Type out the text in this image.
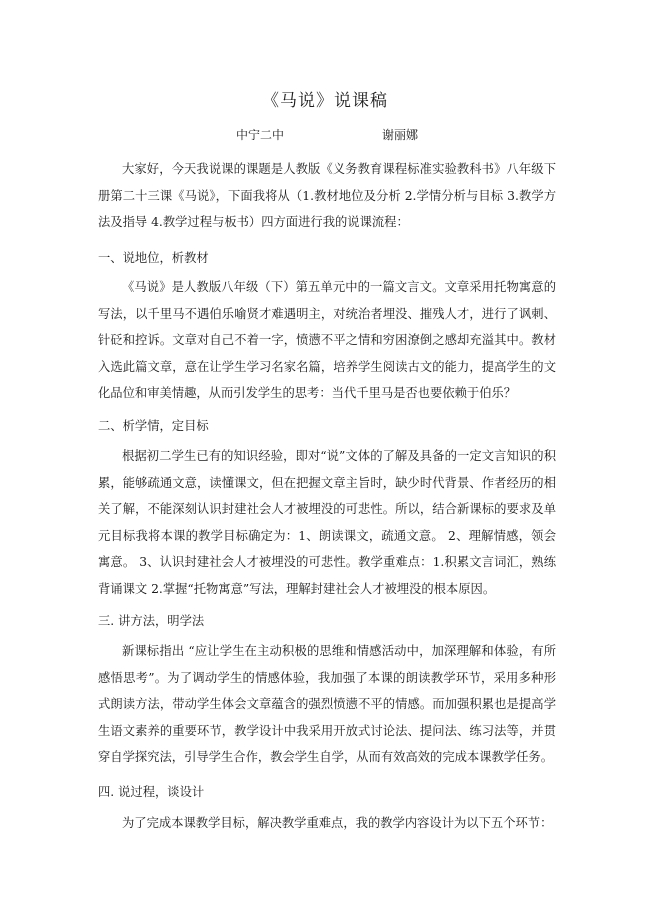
《马说》说课稿
中宁二中	谢丽娜

大家好，今天我说课的课题是人教版《义务教育课程标准实验教科书》八年级下册第二十三课《马说》，下面我将从（1.教材地位及分析 2.学情分析与目标 3.教学方法及指导 4.教学过程与板书）四方面进行我的说课流程：

一、说地位，析教材

《马说》是人教版八年级（下）第五单元中的一篇文言文。文章采用托物寓意的写法，以千里马不遇伯乐喻贤才难遇明主，对统治者埋没、摧残人才，进行了讽刺、针砭和控诉。文章对自己不着一字，愤懑不平之情和穷困潦倒之感却充溢其中。教材入选此篇文章，意在让学生学习名家名篇，培养学生阅读古文的能力，提高学生的文化品位和审美情趣，从而引发学生的思考：当代千里马是否也要依赖于伯乐？

二、析学情，定目标

根据初二学生已有的知识经验，即对“说”文体的了解及具备的一定文言知识的积累，能够疏通文意，读懂课文，但在把握文章主旨时，缺少时代背景、作者经历的相关了解，不能深刻认识封建社会人才被埋没的可悲性。所以，结合新课标的要求及单元目标我将本课的教学目标确定为：1、朗读课文，疏通文意。 2、理解情感，领会寓意。 3、认识封建社会人才被埋没的可悲性。教学重难点：1.积累文言词汇，熟练背诵课文 2.掌握“托物寓意”写法，理解封建社会人才被埋没的根本原因。

三. 讲方法，明学法

新课标指出 “应让学生在主动积极的思维和情感活动中，加深理解和体验，有所感悟思考”。为了调动学生的情感体验，我加强了本课的朗读教学环节，采用多种形式朗读方法，带动学生体会文章蕴含的强烈愤懑不平的情感。而加强积累也是提高学生语文素养的重要环节，教学设计中我采用开放式讨论法、提问法、练习法等，并贯穿自学探究法，引导学生合作，教会学生自学，从而有效高效的完成本课教学任务。

四. 说过程，谈设计

为了完成本课教学目标，解决教学重难点，我的教学内容设计为以下五个环节：
